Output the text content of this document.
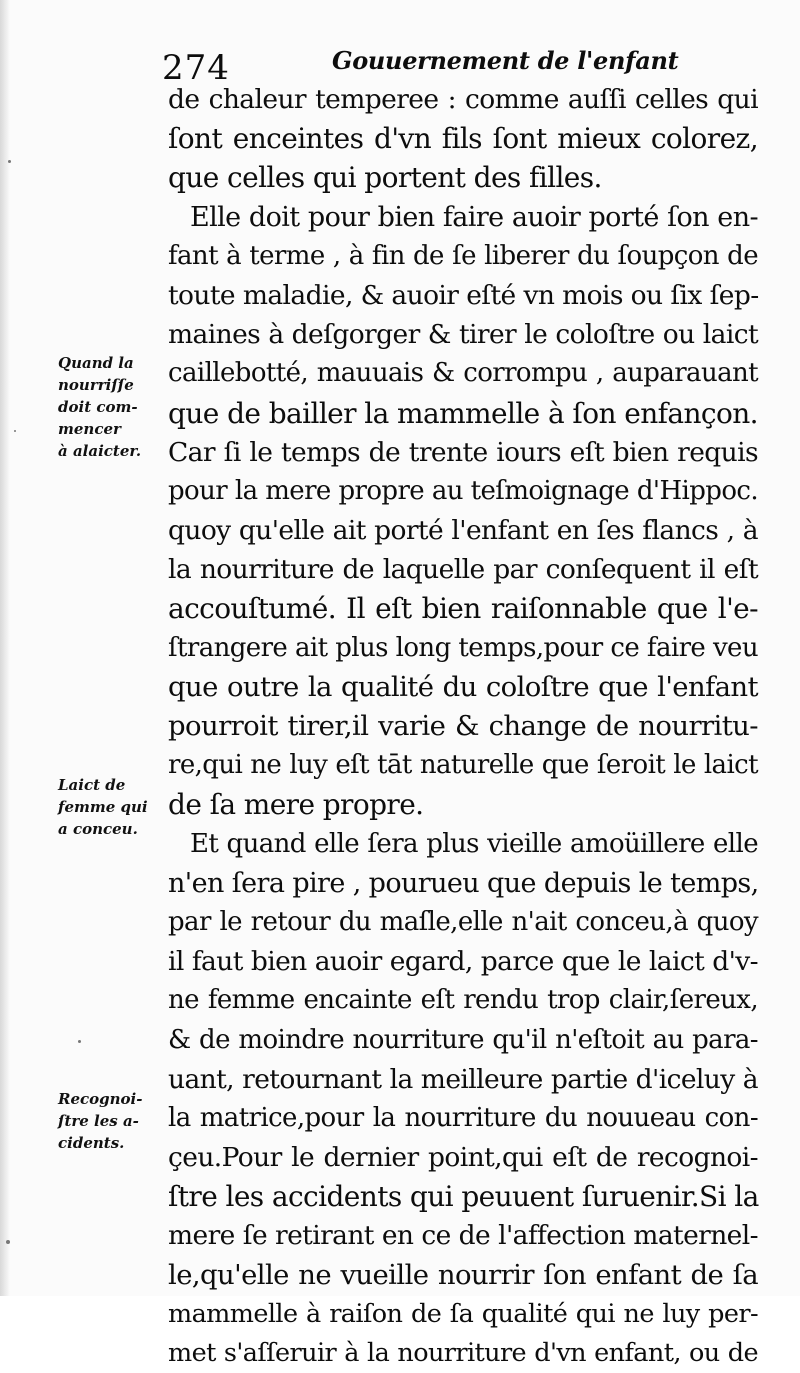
274	Gouuernement de l'enfant
de chaleur temperee : comme auſſi celles qui
ſont enceintes d'vn fils ſont mieux colorez,
que celles qui portent des filles.
Elle doit pour bien faire auoir porté ſon en-
fant à terme , à fin de ſe liberer du ſoupçon de
toute maladie, & auoir eſté vn mois ou ſix ſep-
maines à deſgorger & tirer le coloſtre ou laict
caillebotté, mauuais & corrompu , auparauant
que de bailler la mammelle à ſon enfançon.
Car ſi le temps de trente iours eſt bien requis
pour la mere propre au teſmoignage d'Hippoc.
quoy qu'elle ait porté l'enfant en ſes flancs , à
la nourriture de laquelle par conſequent il eſt
accouſtumé. Il eſt bien raiſonnable que l'e-
ſtrangere ait plus long temps,pour ce faire veu
que outre la qualité du coloſtre que l'enfant
pourroit tirer,il varie & change de nourritu-
re,qui ne luy eſt tāt naturelle que ſeroit le laict
de ſa mere propre.
Et quand elle ſera plus vieille amoüillere elle
n'en ſera pire , pourueu que depuis le temps,
par le retour du maſle,elle n'ait conceu,à quoy
il faut bien auoir egard, parce que le laict d'v-
ne femme encainte eſt rendu trop clair,ſereux,
& de moindre nourriture qu'il n'eſtoit au para-
uant, retournant la meilleure partie d'iceluy à
la matrice,pour la nourriture du nouueau con-
çeu.Pour le dernier point,qui eſt de recognoi-
ſtre les accidents qui peuuent ſuruenir.Si la
mere ſe retirant en ce de l'affection maternel-
le,qu'elle ne vueille nourrir ſon enfant de ſa
mammelle à raiſon de ſa qualité qui ne luy per-
met s'aſſeruir à la nourriture d'vn enfant, ou de
Quand la
nourriſſe
doit com-
mencer
à alaicter.
Laict de
femme qui
a conceu.
Recognoi-
ſtre les a-
cidents.
